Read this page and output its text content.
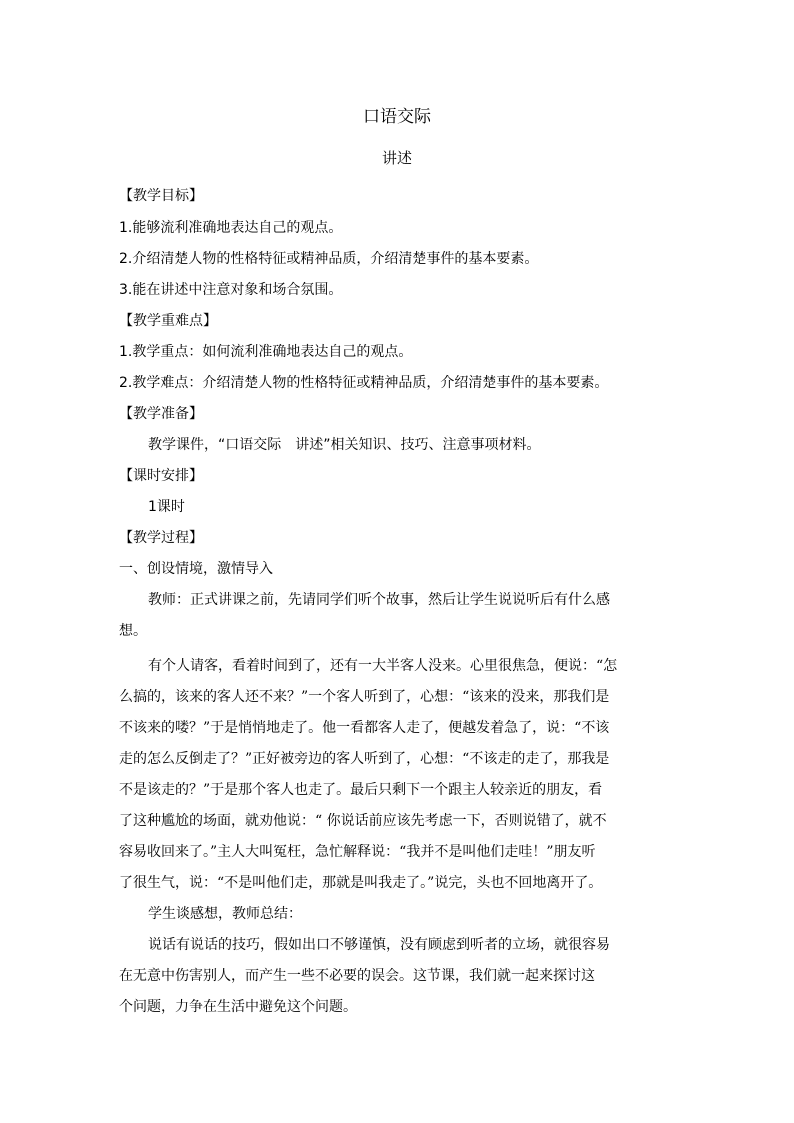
口语交际
讲述
【教学目标】
1.能够流利准确地表达自己的观点。
2.介绍清楚人物的性格特征或精神品质，介绍清楚事件的基本要素。
3.能在讲述中注意对象和场合氛围。
【教学重难点】
1.教学重点：如何流利准确地表达自己的观点。
2.教学难点：介绍清楚人物的性格特征或精神品质，介绍清楚事件的基本要素。
【教学准备】
教学课件，“口语交际　讲述”相关知识、技巧、注意事项材料。
【课时安排】
1课时
【教学过程】
一、创设情境，激情导入
教师：正式讲课之前，先请同学们听个故事，然后让学生说说听后有什么感
想。
有个人请客，看着时间到了，还有一大半客人没来。心里很焦急，便说：“怎
么搞的，该来的客人还不来？”一个客人听到了，心想：“该来的没来，那我们是
不该来的喽？”于是悄悄地走了。他一看都客人走了，便越发着急了，说：“不该
走的怎么反倒走了？”正好被旁边的客人听到了，心想：“不该走的走了，那我是
不是该走的？”于是那个客人也走了。最后只剩下一个跟主人较亲近的朋友，看
了这种尴尬的场面，就劝他说：“ 你说话前应该先考虑一下，否则说错了，就不
容易收回来了。”主人大叫冤枉，急忙解释说：“我并不是叫他们走哇！”朋友听
了很生气，说：“不是叫他们走，那就是叫我走了。”说完，头也不回地离开了。
学生谈感想，教师总结：
说话有说话的技巧，假如出口不够谨慎，没有顾虑到听者的立场，就很容易
在无意中伤害别人，而产生一些不必要的误会。这节课，我们就一起来探讨这
个问题，力争在生活中避免这个问题。
